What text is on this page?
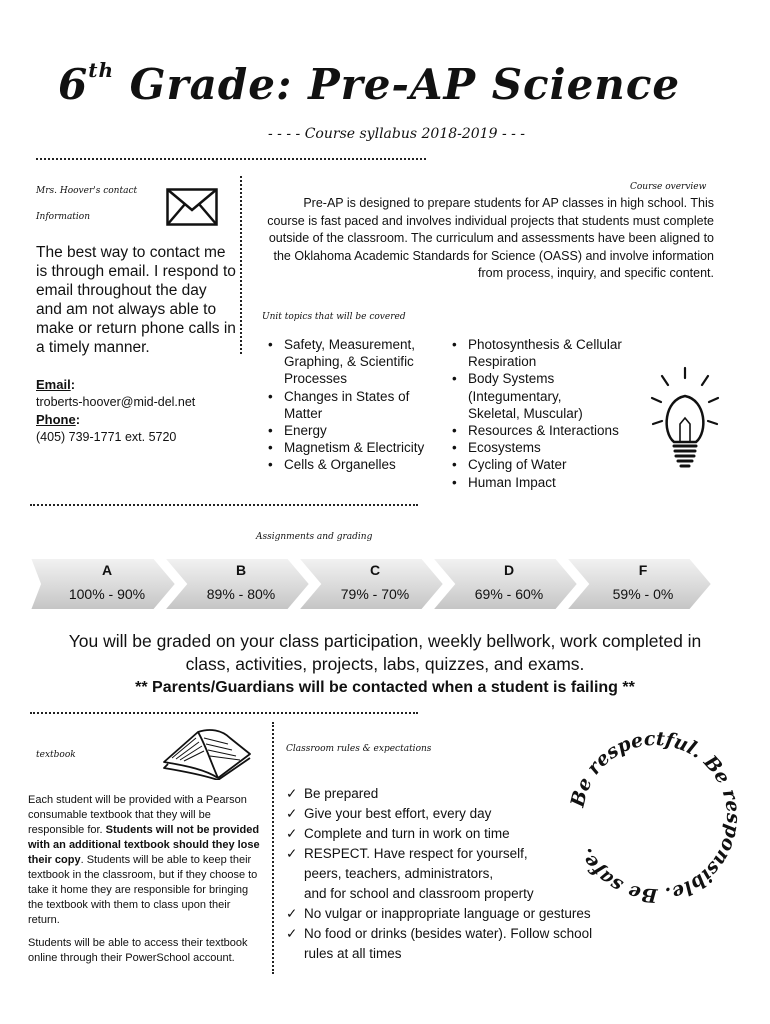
6th Grade: Pre-AP Science
- - - - Course syllabus 2018-2019 - - -
Mrs. Hoover's contact
Information
The best way to contact me is through email. I respond to email throughout the day and am not always able to make or return phone calls in a timely manner.
Email:
troberts-hoover@mid-del.net
Phone:
(405) 739-1771 ext. 5720
Course overview
Pre-AP is designed to prepare students for AP classes in high school. This course is fast paced and involves individual projects that students must complete outside of the classroom. The curriculum and assessments have been aligned to the Oklahoma Academic Standards for Science (OASS) and involve information from process, inquiry, and specific content.
Unit topics that will be covered
• Safety, Measurement,
Graphing, & Scientific
Processes
• Changes in States of
Matter
• Energy
• Magnetism & Electricity
• Cells & Organelles
• Photosynthesis & Cellular
Respiration
• Body Systems
(Integumentary,
Skeletal, Muscular)
• Resources & Interactions
• Ecosystems
• Cycling of Water
• Human Impact
Assignments and grading
A
100% - 90%
B
89% - 80%
C
79% - 70%
D
69% - 60%
F
59% - 0%
You will be graded on your class participation, weekly bellwork, work completed in class, activities, projects, labs, quizzes, and exams.
** Parents/Guardians will be contacted when a student is failing **
textbook
Each student will be provided with a Pearson consumable textbook that they will be responsible for. Students will not be provided with an additional textbook should they lose their copy. Students will be able to keep their textbook in the classroom, but if they choose to take it home they are responsible for bringing the textbook with them to class upon their return.
Students will be able to access their textbook online through their PowerSchool account.
Classroom rules & expectations
✓ Be prepared
✓ Give your best effort, every day
✓ Complete and turn in work on time
✓ RESPECT. Have respect for yourself,
peers, teachers, administrators,
and for school and classroom property
✓ No vulgar or inappropriate language or gestures
✓ No food or drinks (besides water). Follow school
rules at all times
Be respectful. Be responsible. Be safe.
